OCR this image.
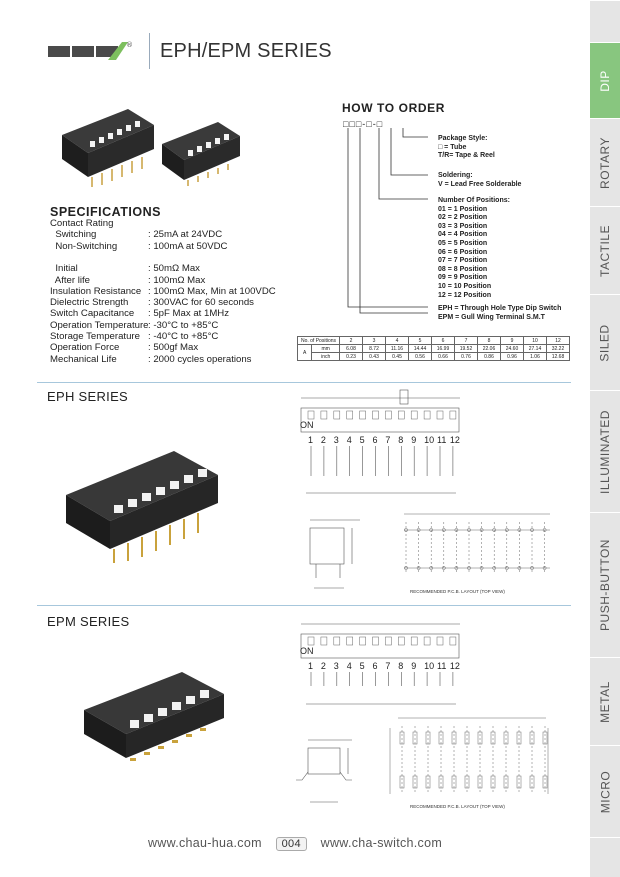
® EPH/EPM SERIES
DIP
ROTARY
TACTILE
SILED
ILLUMINATED
PUSH-BUTTON
METAL
MICRO
SPECIFICATIONS
Contact Rating
Switching	: 25mA at 24VDC
Non-Switching	: 100mA at 50VDC
Initial	: 50mΩ Max
After life	: 100mΩ Max
Insulation Resistance : 100mΩ Max, Min at 100VDC
Dielectric Strength : 300VAC for 60 seconds
Switch Capacitance : 5pF Max at 1MHz
Operation Temperature : -30°C to +85°C
Storage Temperature : -40°C to +85°C
Operation Force	: 500gf Max
Mechanical Life	: 2000 cycles operations
HOW TO ORDER
□□□-□-□
Package Style:
□ = Tube
T/R= Tape & Reel
Soldering:
V = Lead Free Solderable
Number Of Positions:
01 = 1 Position
02 = 2 Position
03 = 3 Position
04 = 4 Position
05 = 5 Position
06 = 6 Position
07 = 7 Position
08 = 8 Position
09 = 9 Position
10 = 10 Position
12 = 12 Position
EPH = Through Hole Type Dip Switch
EPM = Gull Wing Terminal S.M.T
No. of Positions		2	3	4	5	6	7	8	9	10	12
A	mm	6.08	8.72	11.16	14.44	16.99	19.52	22.06	24.60	27.14	32.22
	inch	0.23	0.43	0.45	0.56	0.66	0.76	0.86	0.96	1.06	12.68
EPH SERIES
ON
1 2 3 4 5 6 7 8 9 10 11 12
RECOMMENDED P.C.B. LAYOUT (TOP VIEW)
EPM SERIES
ON
1 2 3 4 5 6 7 8 9 10 11 12
RECOMMENDED P.C.B. LAYOUT (TOP VIEW)
www.chau-hua.com 004 www.cha-switch.com
